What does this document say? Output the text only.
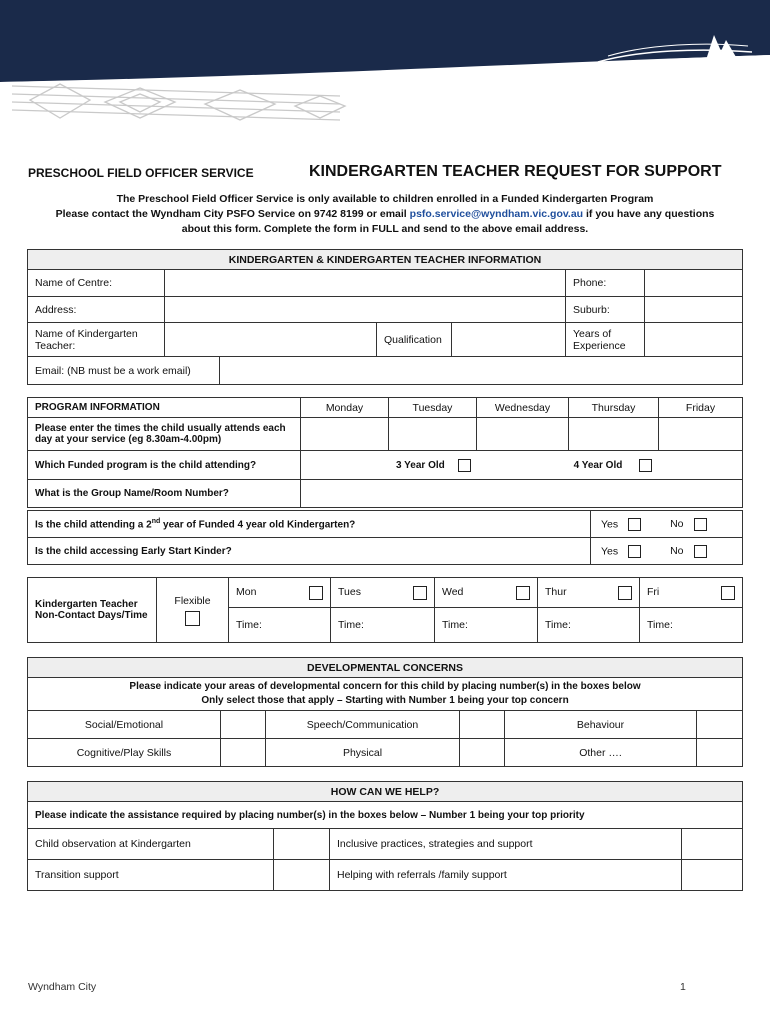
wyndhamcity
city.coast.country
PRESCHOOL FIELD OFFICER SERVICE	KINDERGARTEN TEACHER REQUEST FOR SUPPORT
The Preschool Field Officer Service is only available to children enrolled in a Funded Kindergarten Program
Please contact the Wyndham City PSFO Service on 9742 8199 or email psfo.service@wyndham.vic.gov.au if you have any questions
about this form. Complete the form in FULL and send to the above email address.
KINDERGARTEN & KINDERGARTEN TEACHER INFORMATION					
Name of Centre:				Phone:	
Address:				Suburb:	
Name of Kindergarten Teacher:		Qualification		Years of Experience	
Email: (NB must be a work email)	
PROGRAM INFORMATION	Monday	Tuesday	Wednesday	Thursday	Friday
Please enter the times the child usually attends each day at your service (eg 8.30am-4.00pm)					
Which Funded program is the child attending?	3 Year Old 4 Year Old				
What is the Group Name/Room Number?					
Is the child attending a 2nd year of Funded 4 year old Kindergarten?	Yes No
Is the child accessing Early Start Kinder?	Yes No
Kindergarten Teacher Non-Contact Days/Time	Flexible	Mon	Tues	Wed	Thur	Fri

		Time:	Time:	Time:	Time:	Time:
DEVELOPMENTAL CONCERNS					

Please indicate your areas of developmental concern for this child by placing number(s) in the boxes below
Only select those that apply – Starting with Number 1 being your top concern					

Social/Emotional		Speech/Communication		Behaviour	
Cognitive/Play Skills		Physical		Other ….	
HOW CAN WE HELP?			
Please indicate the assistance required by placing number(s) in the boxes below – Number 1 being your top priority			
Child observation at Kindergarten		Inclusive practices, strategies and support	
Transition support		Helping with referrals /family support	
Wyndham City	1
